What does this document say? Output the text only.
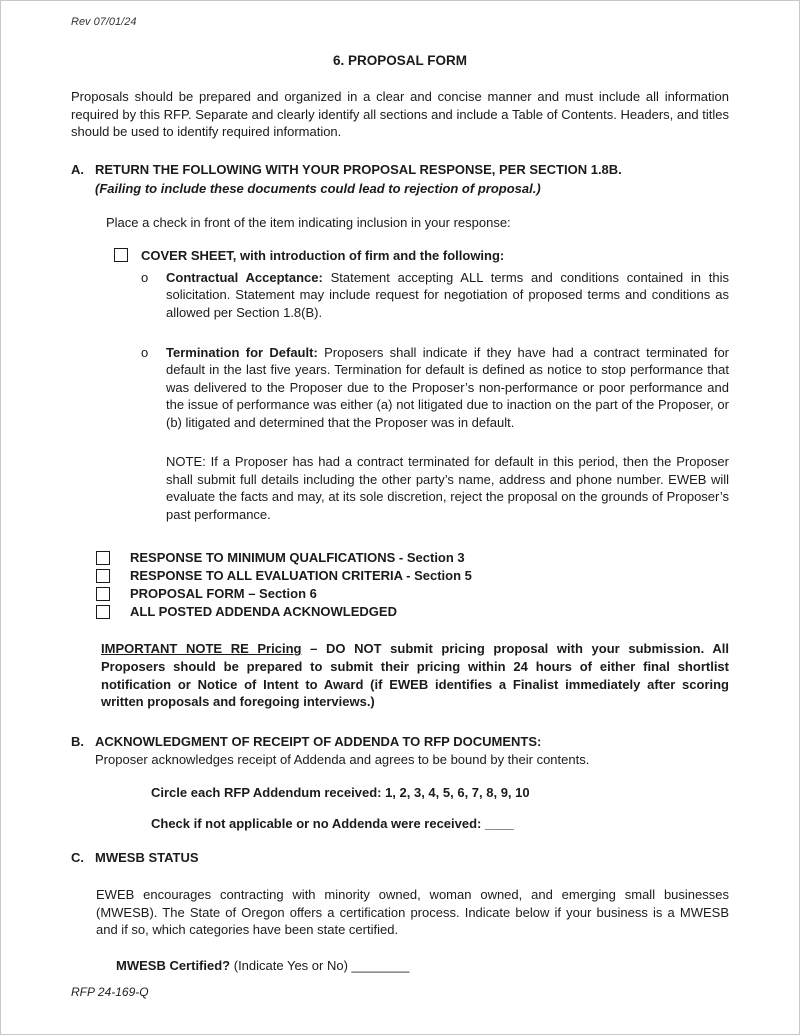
Rev 07/01/24
6. PROPOSAL FORM

Proposals should be prepared and organized in a clear and concise manner and must include all information required by this RFP. Separate and clearly identify all sections and include a Table of Contents. Headers, and titles should be used to identify required information.

A. RETURN THE FOLLOWING WITH YOUR PROPOSAL RESPONSE, PER SECTION 1.8B.
(Failing to include these documents could lead to rejection of proposal.)

Place a check in front of the item indicating inclusion in your response:

COVER SHEET, with introduction of firm and the following:
o	Contractual Acceptance: Statement accepting ALL terms and conditions contained in this solicitation. Statement may include request for negotiation of proposed terms and conditions as allowed per Section 1.8(B).

o	Termination for Default: Proposers shall indicate if they have had a contract terminated for default in the last five years. Termination for default is defined as notice to stop performance that was delivered to the Proposer due to the Proposer’s non-performance or poor performance and the issue of performance was either (a) not litigated due to inaction on the part of the Proposer, or (b) litigated and determined that the Proposer was in default.

NOTE: If a Proposer has had a contract terminated for default in this period, then the Proposer shall submit full details including the other party’s name, address and phone number. EWEB will evaluate the facts and may, at its sole discretion, reject the proposal on the grounds of Proposer’s past performance.

RESPONSE TO MINIMUM QUALFICATIONS - Section 3
RESPONSE TO ALL EVALUATION CRITERIA - Section 5
PROPOSAL FORM – Section 6
ALL POSTED ADDENDA ACKNOWLEDGED

IMPORTANT NOTE RE Pricing – DO NOT submit pricing proposal with your submission. All Proposers should be prepared to submit their pricing within 24 hours of either final shortlist notification or Notice of Intent to Award (if EWEB identifies a Finalist immediately after scoring written proposals and foregoing interviews.)

B. ACKNOWLEDGMENT OF RECEIPT OF ADDENDA TO RFP DOCUMENTS:

Proposer acknowledges receipt of Addenda and agrees to be bound by their contents.

Circle each RFP Addendum received: 1, 2, 3, 4, 5, 6, 7, 8, 9, 10

Check if not applicable or no Addenda were received: ____

C. MWESB STATUS

EWEB encourages contracting with minority owned, woman owned, and emerging small businesses (MWESB). The State of Oregon offers a certification process. Indicate below if your business is a MWESB and if so, which categories have been state certified.

MWESB Certified? (Indicate Yes or No) ________

RFP 24-169-Q
